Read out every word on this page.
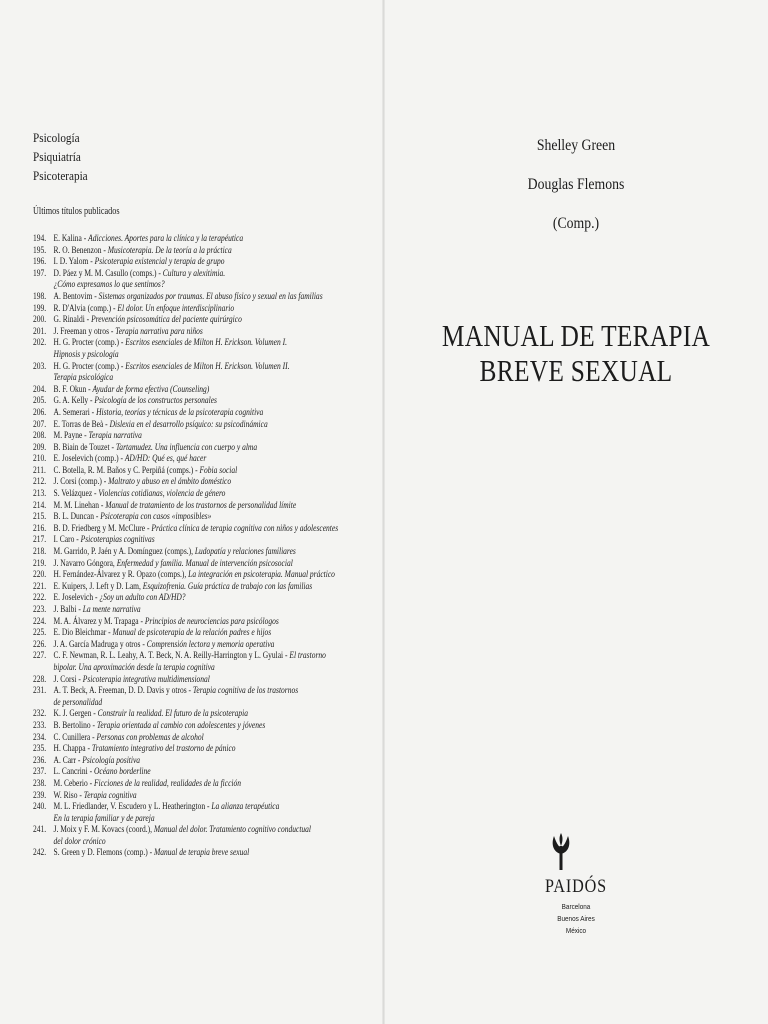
Psicología
Psiquiatría
Psicoterapia
Últimos títulos publicados
194. E. Kalina - Adicciones. Aportes para la clínica y la terapéutica
195. R. O. Benenzon - Musicoterapia. De la teoría a la práctica
196. I. D. Yalom - Psicoterapia existencial y terapia de grupo
197. D. Páez y M. M. Casullo (comps.) - Cultura y alexitimia.
¿Cómo expresamos lo que sentimos?
198. A. Bentovim - Sistemas organizados por traumas. El abuso físico y sexual en las familias
199. R. D'Alvia (comp.) - El dolor. Un enfoque interdisciplinario
200. G. Rinaldi - Prevención psicosomática del paciente quirúrgico
201. J. Freeman y otros - Terapia narrativa para niños
202. H. G. Procter (comp.) - Escritos esenciales de Milton H. Erickson. Volumen I.
Hipnosis y psicología
203. H. G. Procter (comp.) - Escritos esenciales de Milton H. Erickson. Volumen II.
Terapia psicológica
204. B. F. Okun - Ayudar de forma efectiva (Counseling)
205. G. A. Kelly - Psicología de los constructos personales
206. A. Semerari - Historia, teorías y técnicas de la psicoterapia cognitiva
207. E. Torras de Beà - Dislexia en el desarrollo psíquico: su psicodinámica
208. M. Payne - Terapia narrativa
209. B. Biain de Touzet - Tartamudez. Una influencia con cuerpo y alma
210. E. Joselevich (comp.) - AD/HD: Qué es, qué hacer
211. C. Botella, R. M. Baños y C. Perpiñá (comps.) - Fobia social
212. J. Corsi (comp.) - Maltrato y abuso en el ámbito doméstico
213. S. Velázquez - Violencias cotidianas, violencia de género
214. M. M. Linehan - Manual de tratamiento de los trastornos de personalidad límite
215. B. L. Duncan - Psicoterapia con casos «imposibles»
216. B. D. Friedberg y M. McClure - Práctica clínica de terapia cognitiva con niños y adolescentes
217. I. Caro - Psicoterapias cognitivas
218. M. Garrido, P. Jaén y A. Domínguez (comps.), Ludopatía y relaciones familiares
219. J. Navarro Góngora, Enfermedad y familia. Manual de intervención psicosocial
220. H. Fernández-Álvarez y R. Opazo (comps.), La integración en psicoterapia. Manual práctico
221. E. Kuipers, J. Left y D. Lam, Esquizofrenia. Guía práctica de trabajo con las familias
222. E. Joselevich - ¿Soy un adulto con AD/HD?
223. J. Balbi - La mente narrativa
224. M. A. Álvarez y M. Trapaga - Principios de neurociencias para psicólogos
225. E. Dio Bleichmar - Manual de psicoterapia de la relación padres e hijos
226. J. A. García Madruga y otros - Comprensión lectora y memoria operativa
227. C. F. Newman, R. L. Leahy, A. T. Beck, N. A. Reilly-Harrington y L. Gyulai - El trastorno
bipolar. Una aproximación desde la terapia cognitiva
228. J. Corsi - Psicoterapia integrativa multidimensional
231. A. T. Beck, A. Freeman, D. D. Davis y otros - Terapia cognitiva de los trastornos
de personalidad
232. K. J. Gergen - Construir la realidad. El futuro de la psicoterapia
233. B. Bertolino - Terapia orientada al cambio con adolescentes y jóvenes
234. C. Cunillera - Personas con problemas de alcohol
235. H. Chappa - Tratamiento integrativo del trastorno de pánico
236. A. Carr - Psicología positiva
237. L. Cancrini - Océano borderline
238. M. Ceberio - Ficciones de la realidad, realidades de la ficción
239. W. Riso - Terapia cognitiva
240. M. L. Friedlander, V. Escudero y L. Heatherington - La alianza terapéutica
En la terapia familiar y de pareja
241. J. Moix y F. M. Kovacs (coord.), Manual del dolor. Tratamiento cognitivo conductual
del dolor crónico
242. S. Green y D. Flemons (comp.) - Manual de terapia breve sexual
Shelley Green
Douglas Flemons
(Comp.)
MANUAL DE TERAPIA
BREVE SEXUAL
PAIDÓS
Barcelona
Buenos Aires
México
